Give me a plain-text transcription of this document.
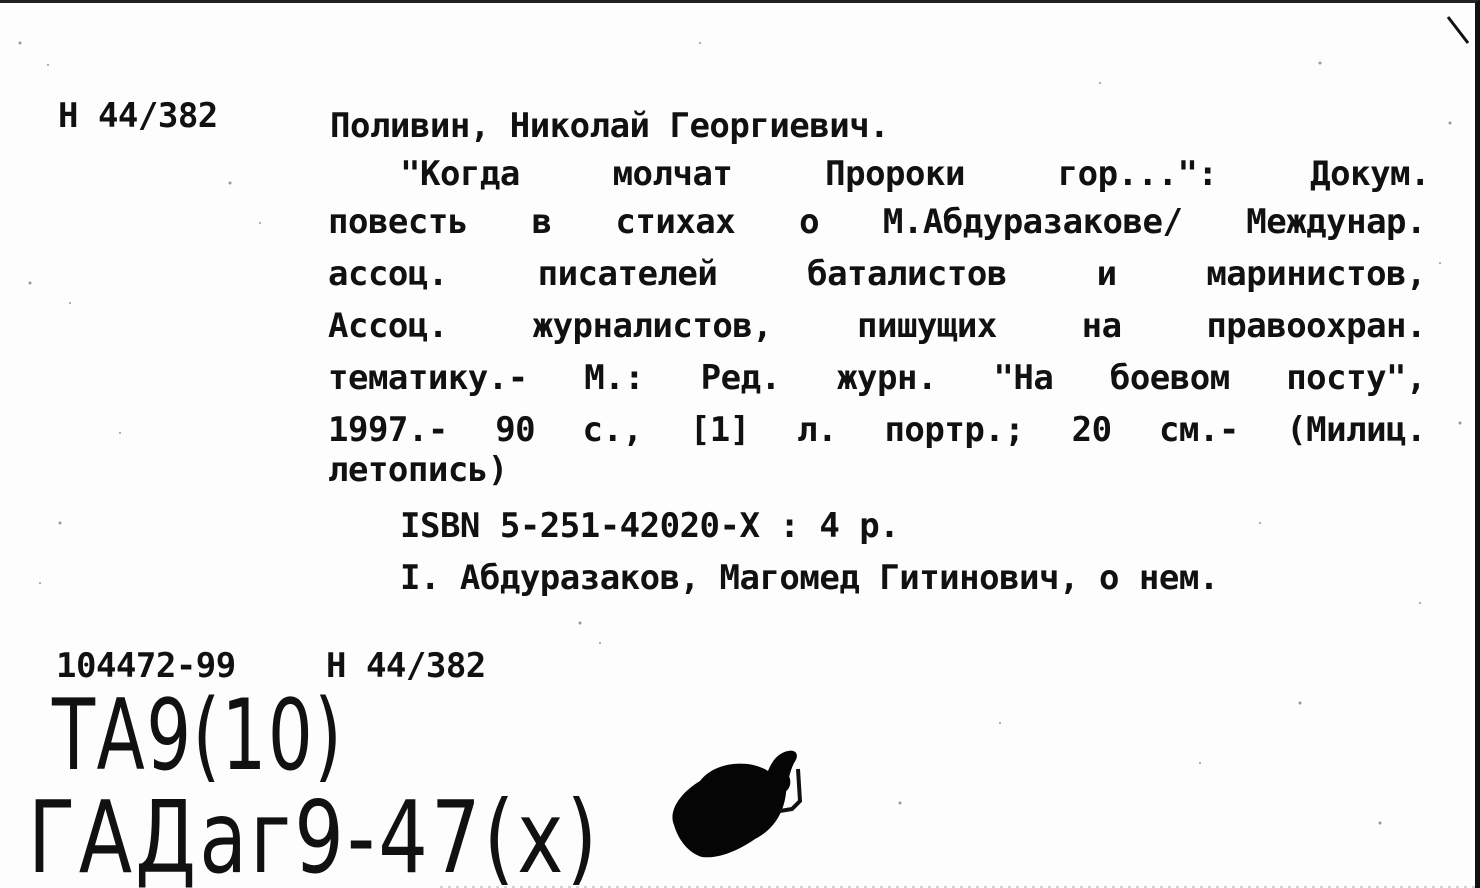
Н 44/382	Поливин, Николай Георгиевич.
"Когда молчат Пророки гор...": Докум.
повесть в стихах о М.Абдуразакове/ Междунар.
ассоц. писателей баталистов и маринистов,
Ассоц. журналистов, пишущих на правоохран.
тематику.- М.: Ред. журн. "На боевом посту",
1997.- 90 с., [1] л. портр.; 20 см.- (Милиц.
летопись)
ISBN 5-251-42020-X : 4 р.
I. Абдуразаков, Магомед Гитинович, о нем.
104472-99	Н 44/382
ТА9(10)
ГАДаг9-47(х)
